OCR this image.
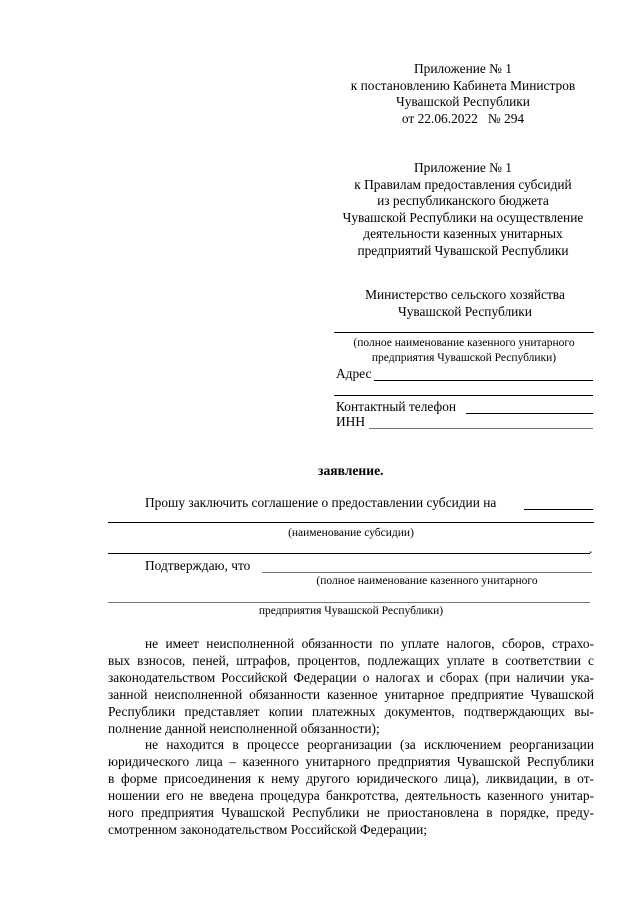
Приложение № 1
к постановлению Кабинета Министров
Чувашской Республики
от 22.06.2022   № 294
Приложение № 1
к Правилам предоставления субсидий
из республиканского бюджета
Чувашской Республики на осуществление
деятельности казенных унитарных
предприятий Чувашской Республики
Министерство сельского хозяйства
Чувашской Республики
(полное наименование казенного унитарного
предприятия Чувашской Республики)
Адрес
Контактный телефон
ИНН
заявление.
Прошу заключить соглашение о предоставлении субсидии на
(наименование субсидии)
.
Подтверждаю, что
(полное наименование казенного унитарного
предприятия Чувашской Республики)
не имеет неисполненной обязанности по уплате налогов, сборов, страхо-
вых взносов, пеней, штрафов, процентов, подлежащих уплате в соответствии с
законодательством Российской Федерации о налогах и сборах (при наличии ука-
занной неисполненной обязанности казенное унитарное предприятие Чувашской
Республики представляет копии платежных документов, подтверждающих вы-
полнение данной неисполненной обязанности);
не находится в процессе реорганизации (за исключением реорганизации
юридического лица – казенного унитарного предприятия Чувашской Республики
в форме присоединения к нему другого юридического лица), ликвидации, в от-
ношении его не введена процедура банкротства, деятельность казенного унитар-
ного предприятия Чувашской Республики не приостановлена в порядке, преду-
смотренном законодательством Российской Федерации;
